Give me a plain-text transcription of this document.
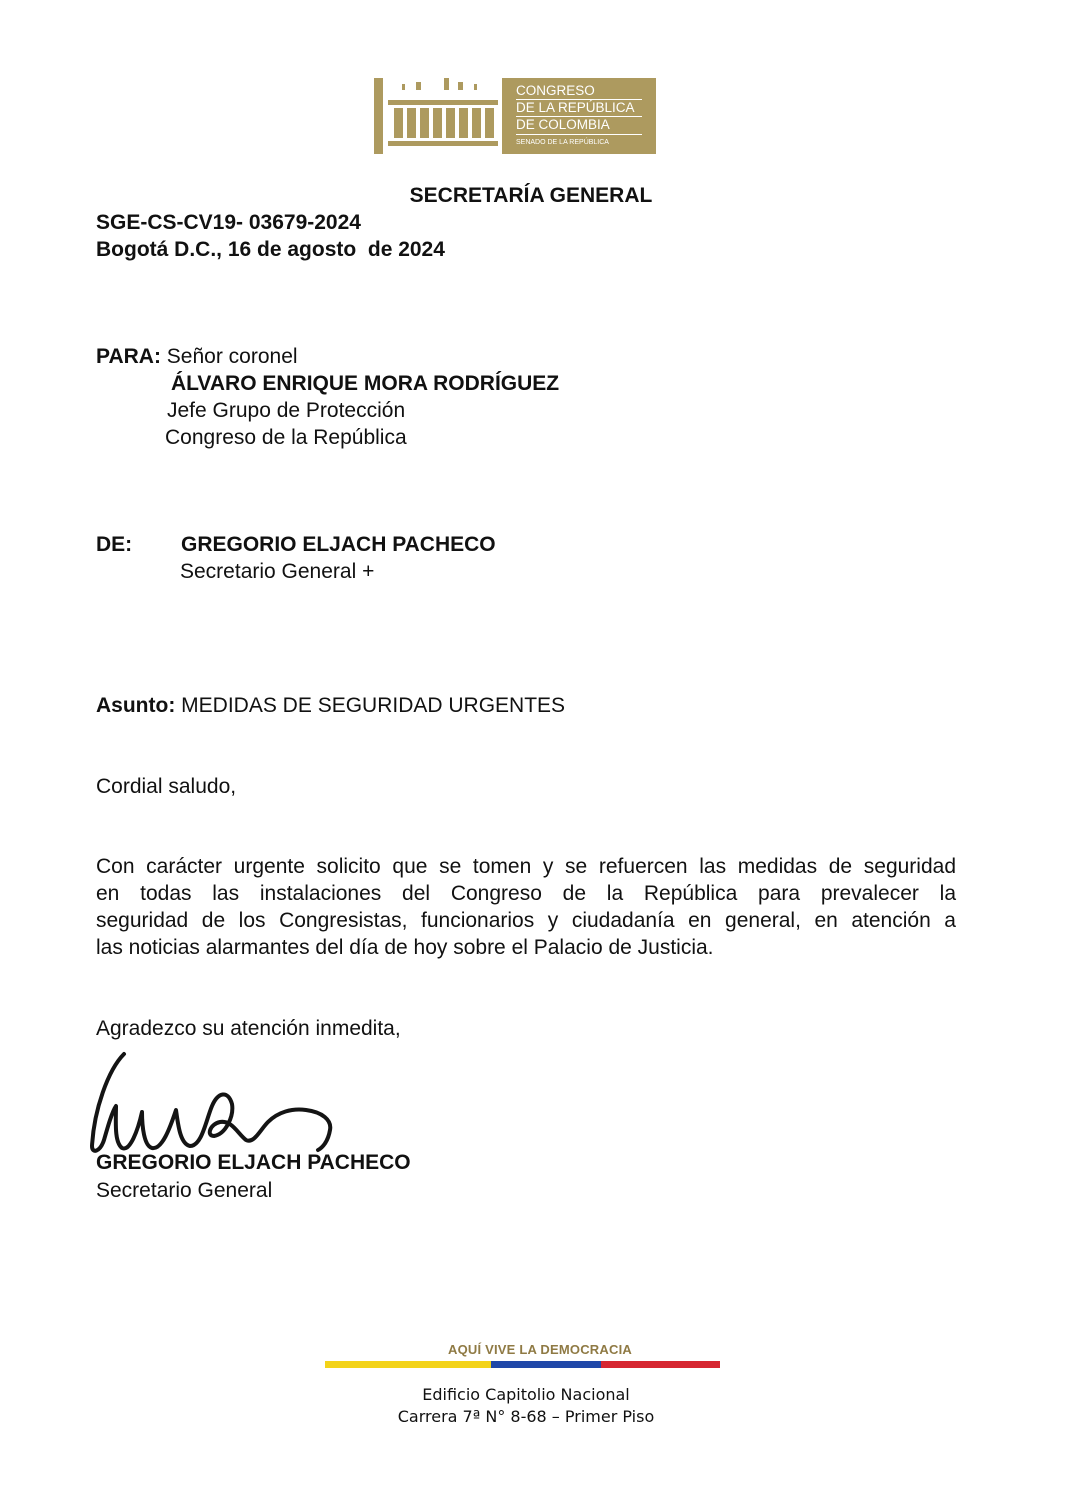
CONGRESO
DE LA REPÚBLICA
DE COLOMBIA
SENADO DE LA REPÚBLICA
SECRETARÍA GENERAL
SGE-CS-CV19- 03679-2024
Bogotá D.C., 16 de agosto  de 2024
PARA: Señor coronel
ÁLVARO ENRIQUE MORA RODRÍGUEZ
Jefe Grupo de Protección
Congreso de la República
DE: GREGORIO ELJACH PACHECO
Secretario General +
Asunto: MEDIDAS DE SEGURIDAD URGENTES
Cordial saludo,
Con carácter urgente solicito que se tomen y se refuercen las medidas de seguridad
en todas las instalaciones del Congreso de la República para prevalecer la
seguridad de los Congresistas, funcionarios y ciudadanía en general, en atención a
las noticias alarmantes del día de hoy sobre el Palacio de Justicia.
Agradezco su atención inmedita,
GREGORIO ELJACH PACHECO
Secretario General
AQUÍ VIVE LA DEMOCRACIA
Edificio Capitolio Nacional
Carrera 7ª N° 8-68 – Primer Piso
